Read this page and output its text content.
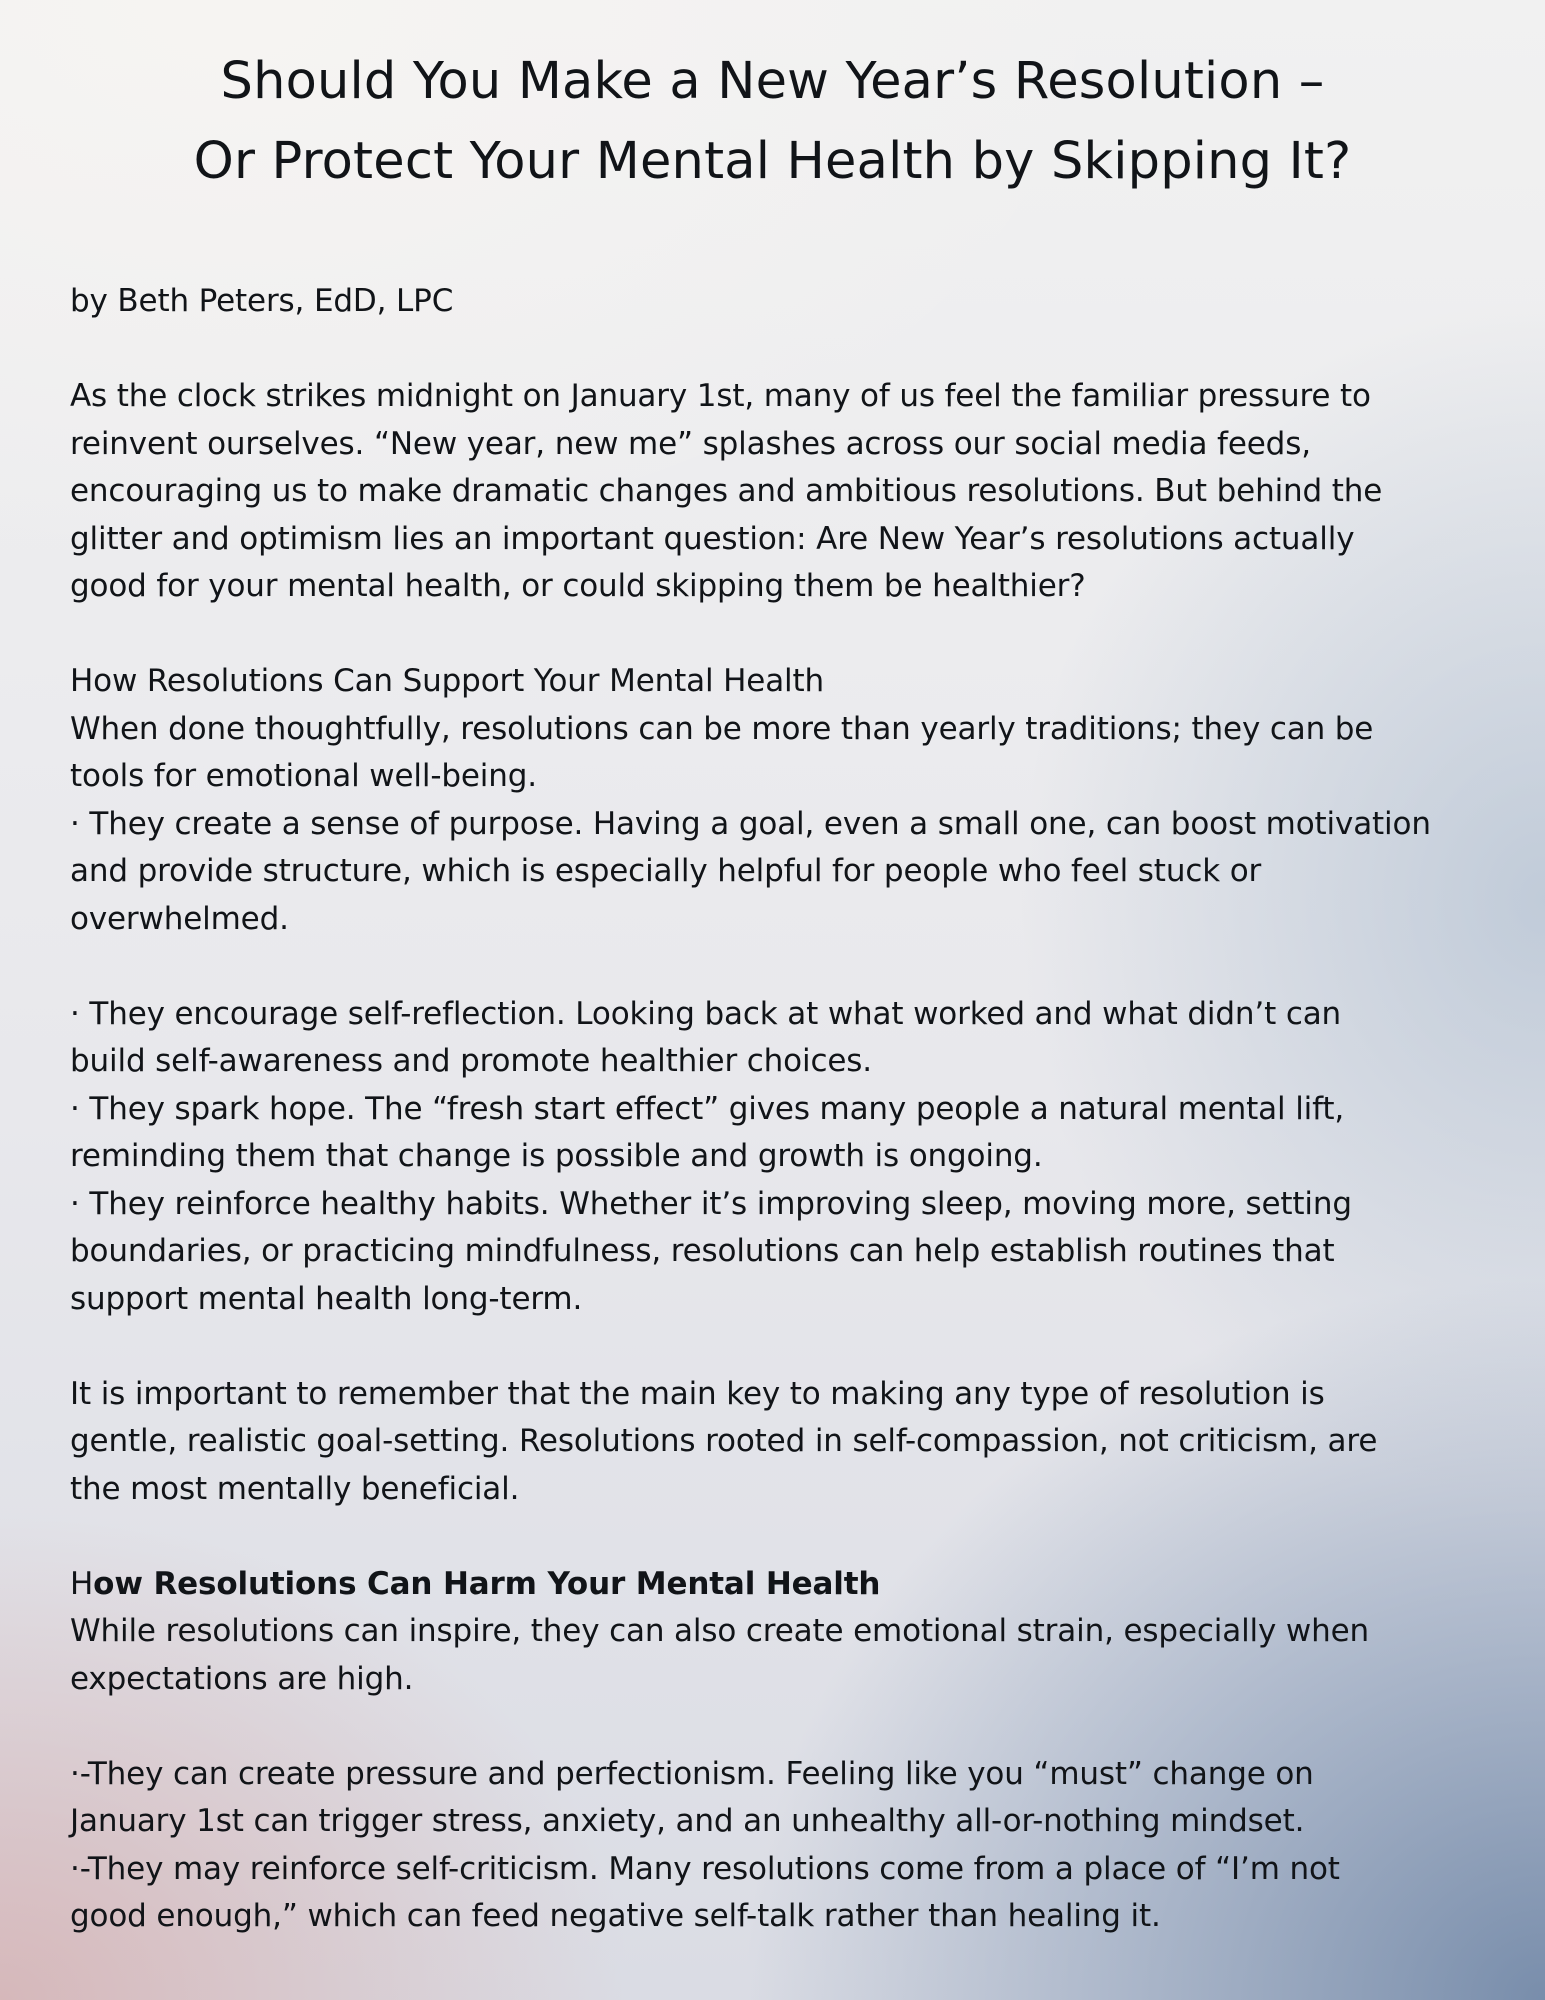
Should You Make a New Year’s Resolution –
Or Protect Your Mental Health by Skipping It?

by Beth Peters, EdD, LPC

As the clock strikes midnight on January 1st, many of us feel the familiar pressure to

reinvent ourselves. “New year, new me” splashes across our social media feeds,

encouraging us to make dramatic changes and ambitious resolutions. But behind the

glitter and optimism lies an important question: Are New Year’s resolutions actually

good for your mental health, or could skipping them be healthier?

How Resolutions Can Support Your Mental Health

When done thoughtfully, resolutions can be more than yearly traditions; they can be

tools for emotional well-being.

· They create a sense of purpose. Having a goal, even a small one, can boost motivation

and provide structure, which is especially helpful for people who feel stuck or

overwhelmed.

· They encourage self-reflection. Looking back at what worked and what didn’t can

build self-awareness and promote healthier choices.

· They spark hope. The “fresh start effect” gives many people a natural mental lift,

reminding them that change is possible and growth is ongoing.

· They reinforce healthy habits. Whether it’s improving sleep, moving more, setting

boundaries, or practicing mindfulness, resolutions can help establish routines that

support mental health long-term.

It is important to remember that the main key to making any type of resolution is

gentle, realistic goal-setting. Resolutions rooted in self-compassion, not criticism, are

the most mentally beneficial.

How Resolutions Can Harm Your Mental Health

While resolutions can inspire, they can also create emotional strain, especially when

expectations are high.

·-They can create pressure and perfectionism. Feeling like you “must” change on

January 1st can trigger stress, anxiety, and an unhealthy all-or-nothing mindset.

·-They may reinforce self-criticism. Many resolutions come from a place of “I’m not

good enough,” which can feed negative self-talk rather than healing it.
